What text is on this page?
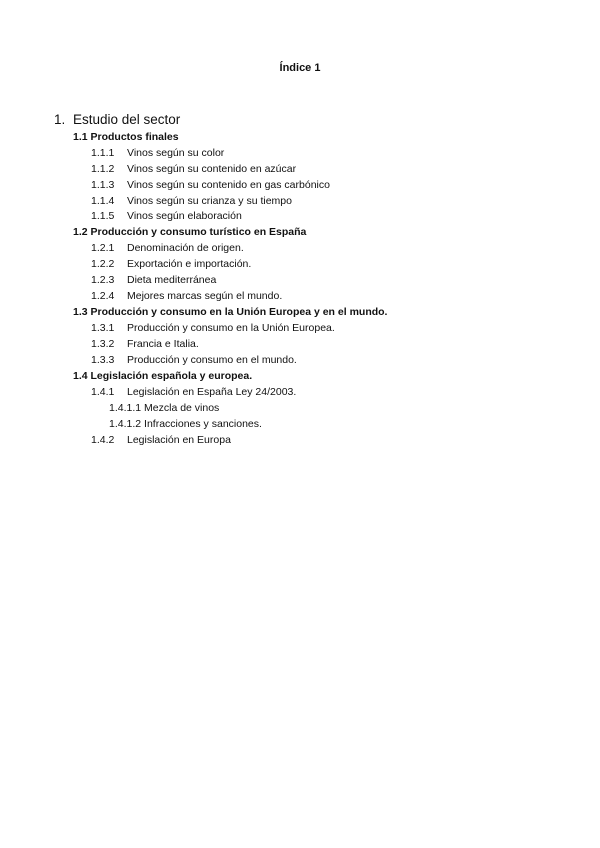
Índice 1
1. Estudio del sector
1.1 Productos finales
1.1.1 Vinos según su color
1.1.2 Vinos según su contenido en azúcar
1.1.3 Vinos según su contenido en gas carbónico
1.1.4 Vinos según su crianza y su tiempo
1.1.5 Vinos según elaboración
1.2 Producción y consumo turístico en España
1.2.1 Denominación de origen.
1.2.2 Exportación e importación.
1.2.3 Dieta mediterránea
1.2.4 Mejores marcas según el mundo.
1.3 Producción y consumo en la Unión Europea y en el mundo.
1.3.1 Producción y consumo en la Unión Europea.
1.3.2 Francia e Italia.
1.3.3 Producción y consumo en el mundo.
1.4 Legislación española y europea.
1.4.1 Legislación en España Ley 24/2003.
1.4.1.1 Mezcla de vinos
1.4.1.2 Infracciones y sanciones.
1.4.2 Legislación en Europa
